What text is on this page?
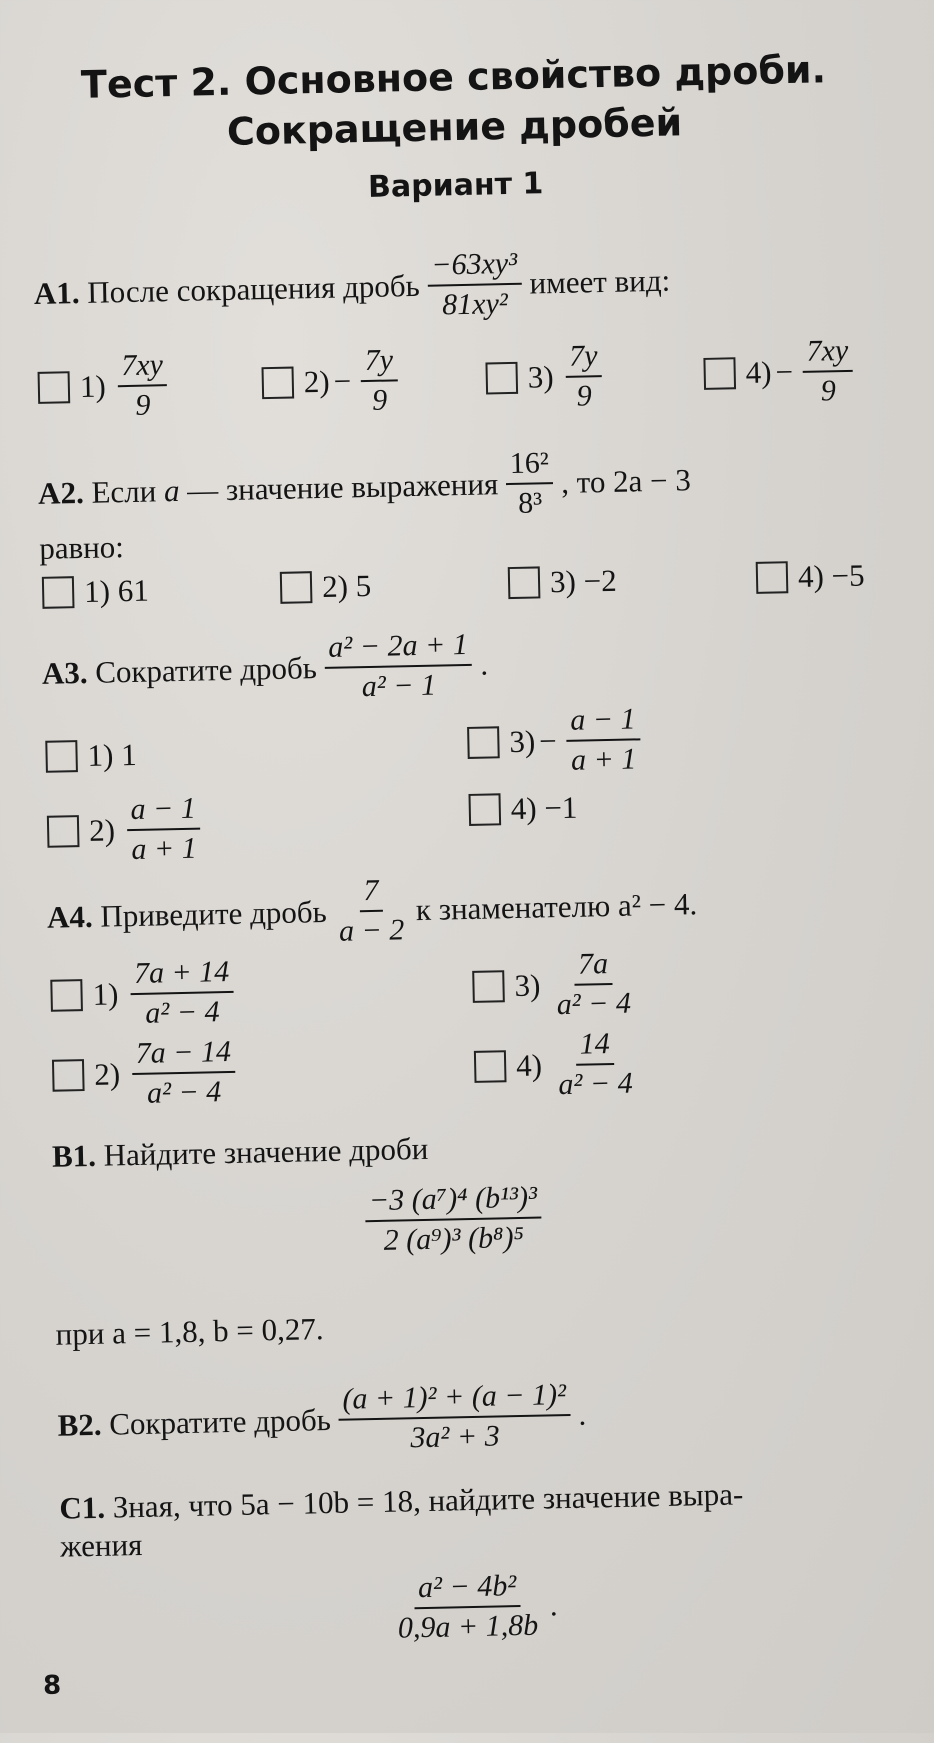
Тест 2. Основное свойство дроби.
Сокращение дробей
Вариант 1
А1.
После сокращения дробь $\frac{\text{−63xy³}}{\text{81xy²}}$ имеет вид:
$1) \frac{7xy}{9}$	$2) - \frac{7y}{9}$	$3) \frac{7y}{9}$	$4) - \frac{7xy}{9}$
А2.
Если
a
— значение выражения $\frac{\text{16²}}{\text{8³}}$ , то 2a − 3
равно:
1) 61	2) 5	3) −2	4) −5
А3.
Сократите дробь $\frac{\text{a² − 2a + 1}}{\text{a² − 1}}$ .
1) 1
$2) \frac{a - 1}{a + 1}$
$3) - \frac{a - 1}{a + 1}$
4) −1
А4.
Приведите дробь $\frac{7}{a - 2}$ к знаменателю a² − 4.
$1) \frac{7a + 14}{\text{a² − 4}}$
$2) \frac{7a - 14}{\text{a² − 4}}$
$3) \frac{7a}{\text{a² − 4}}$
$4) \frac{14}{\text{a² − 4}}$
В1.
Найдите значение дроби
$\frac{\text{−3 (a⁷)⁴ (b¹³)³}}{\text{2 (a⁹)³ (b⁸)⁵}}$
при a = 1,8, b = 0,27.
В2.
Сократите дробь $\frac{\text{(a + 1)² + (a − 1)²}}{\text{3a² + 3}}$ .
С1.
Зная, что 5a − 10b = 18, найдите значение выра-
жения
$\frac{\text{a² − 4b²}}{0,9a + 1,8b}$ .
8
